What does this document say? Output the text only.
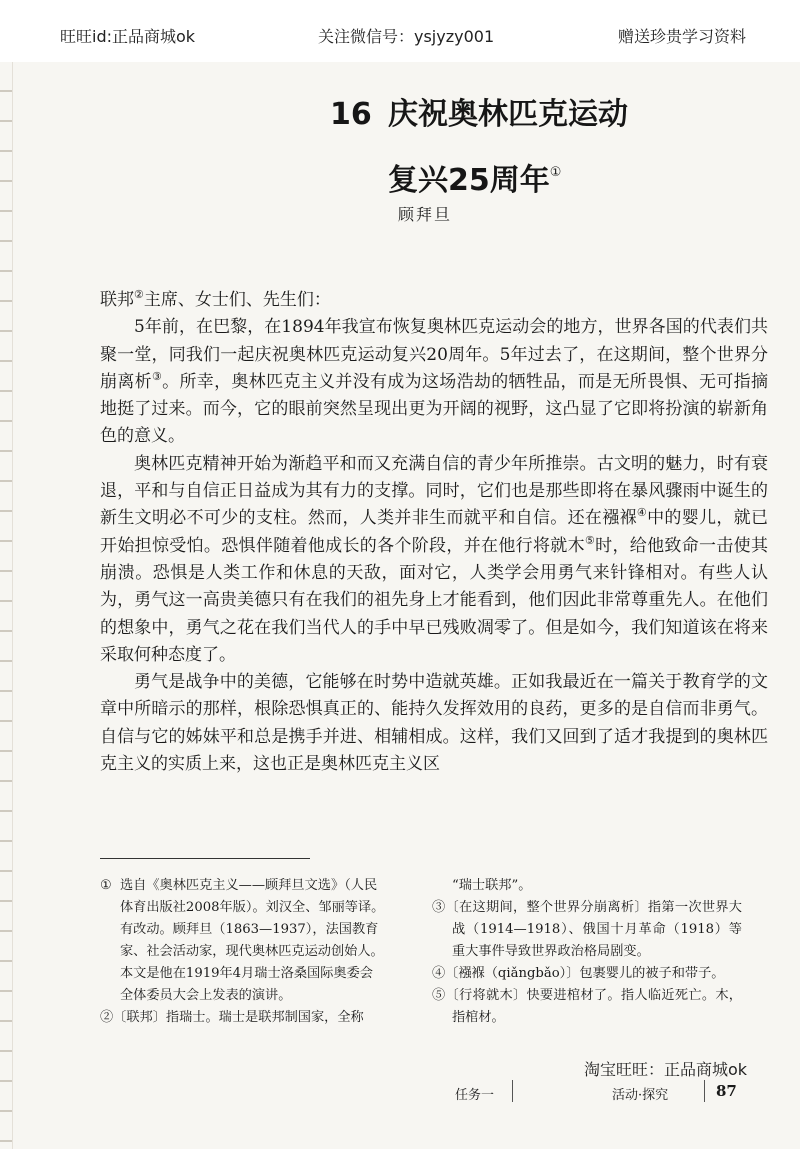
旺旺id:正品商城ok	关注微信号：ysjyzy001	赠送珍贵学习资料
16 庆祝奥林匹克运动
复兴25周年①
顾拜旦

联邦②主席、女士们、先生们：

5年前，在巴黎，在1894年我宣布恢复奥林匹克运动会的地方，世界各国的代表们共聚一堂，同我们一起庆祝奥林匹克运动复兴20周年。5年过去了，在这期间，整个世界分崩离析③。所幸，奥林匹克主义并没有成为这场浩劫的牺牲品，而是无所畏惧、无可指摘地挺了过来。而今，它的眼前突然呈现出更为开阔的视野，这凸显了它即将扮演的崭新角色的意义。

奥林匹克精神开始为渐趋平和而又充满自信的青少年所推崇。古文明的魅力，时有衰退，平和与自信正日益成为其有力的支撑。同时，它们也是那些即将在暴风骤雨中诞生的新生文明必不可少的支柱。然而，人类并非生而就平和自信。还在襁褓④中的婴儿，就已开始担惊受怕。恐惧伴随着他成长的各个阶段，并在他行将就木⑤时，给他致命一击使其崩溃。恐惧是人类工作和休息的天敌，面对它，人类学会用勇气来针锋相对。有些人认为，勇气这一高贵美德只有在我们的祖先身上才能看到，他们因此非常尊重先人。在他们的想象中，勇气之花在我们当代人的手中早已残败凋零了。但是如今，我们知道该在将来采取何种态度了。

勇气是战争中的美德，它能够在时势中造就英雄。正如我最近在一篇关于教育学的文章中所暗示的那样，根除恐惧真正的、能持久发挥效用的良药，更多的是自信而非勇气。自信与它的姊妹平和总是携手并进、相辅相成。这样，我们又回到了适才我提到的奥林匹克主义的实质上来，这也正是奥林匹克主义区

① 选自《奥林匹克主义——顾拜旦文选》（人民

体育出版社2008年版）。刘汉全、邹丽等译。

有改动。顾拜旦（1863—1937），法国教育

家、社会活动家，现代奥林匹克运动创始人。

本文是他在1919年4月瑞士洛桑国际奥委会

全体委员大会上发表的演讲。

②〔联邦〕指瑞士。瑞士是联邦制国家，全称

“瑞士联邦”。

③〔在这期间，整个世界分崩离析〕指第一次世界大战（1914—1918）、俄国十月革命（1918）等重大事件导致世界政治格局剧变。

④〔襁褓（qiǎngbǎo）〕包裹婴儿的被子和带子。

⑤〔行将就木〕快要进棺材了。指人临近死亡。木，指棺材。

淘宝旺旺：正品商城ok
任务一	活动·探究	87
